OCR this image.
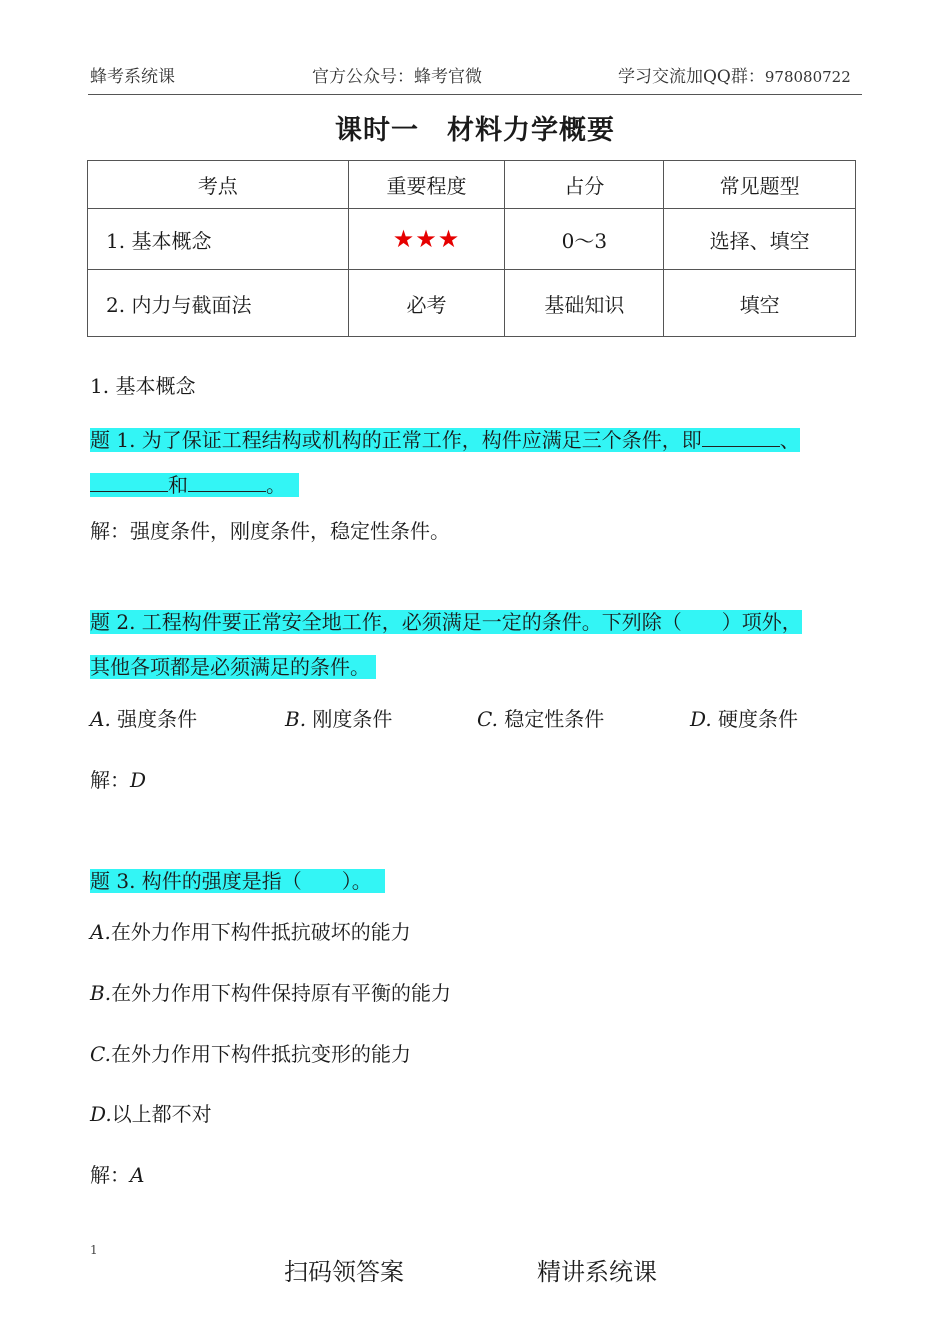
蜂考系统课	官方公众号：蜂考官微	学习交流加QQ群：978080722
课时一　材料力学概要
考点	重要程度	占分	常见题型
1. 基本概念	★★★	0～3	选择、填空
2. 内力与截面法	必考	基础知识	填空
1. 基本概念
题 1. 为了保证工程结构或机构的正常工作，构件应满足三个条件，即	、
和	。
解：强度条件，刚度条件，稳定性条件。
题 2. 工程构件要正常安全地工作，必须满足一定的条件。下列除（　　）项外，
其他各项都是必须满足的条件。
A. 强度条件	B. 刚度条件	C. 稳定性条件	D. 硬度条件
解：D
题 3. 构件的强度是指（　　）。
A.在外力作用下构件抵抗破坏的能力
B.在外力作用下构件保持原有平衡的能力
C.在外力作用下构件抵抗变形的能力
D.以上都不对
解：A
1
扫码领答案	精讲系统课
